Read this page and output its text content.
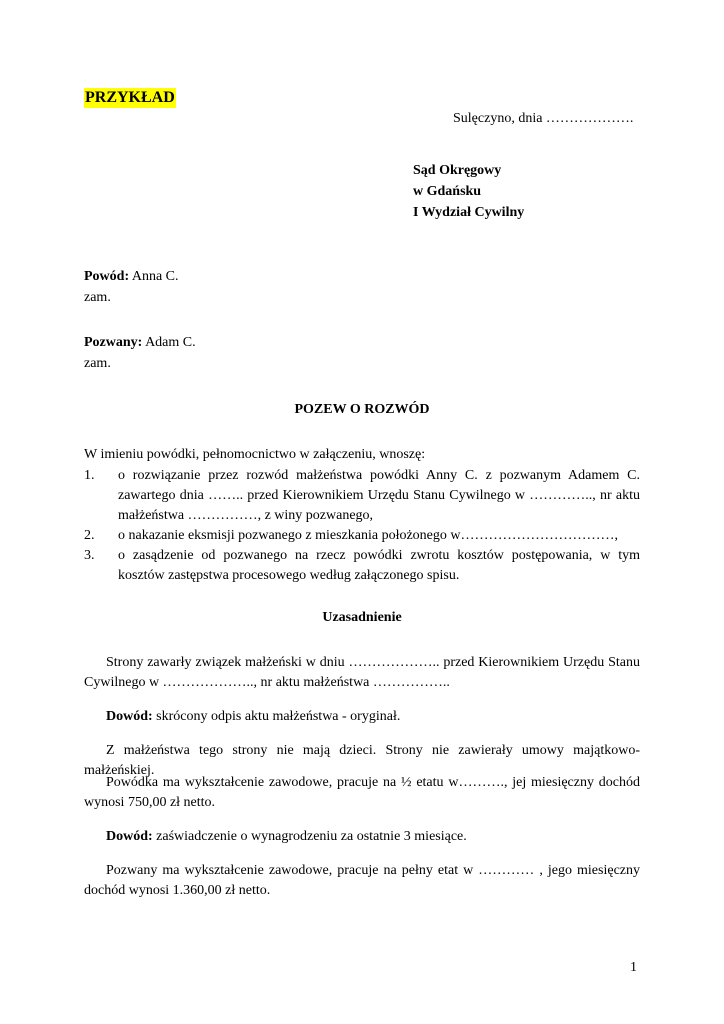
PRZYKŁAD
Sulęczyno, dnia ……………….
Sąd Okręgowy
w Gdańsku
I Wydział Cywilny
Powód: Anna C.
zam.
Pozwany: Adam C.
zam.
POZEW O ROZWÓD
W imieniu powódki, pełnomocnictwo w załączeniu, wnoszę:
1. o rozwiązanie przez rozwód małżeństwa powódki Anny C. z pozwanym Adamem C. zawartego dnia …….. przed Kierownikiem Urzędu Stanu Cywilnego w ………….., nr aktu małżeństwa ……………, z winy pozwanego,
2. o nakazanie eksmisji pozwanego z mieszkania położonego w……………………………,
3. o zasądzenie od pozwanego na rzecz powódki zwrotu kosztów postępowania, w tym kosztów zastępstwa procesowego według załączonego spisu.
Uzasadnienie
Strony zawarły związek małżeński w dniu ……………….. przed Kierownikiem Urzędu Stanu Cywilnego w ……………….., nr aktu małżeństwa ……………..
Dowód: skrócony odpis aktu małżeństwa - oryginał.
Z małżeństwa tego strony nie mają dzieci. Strony nie zawierały umowy majątkowo-małżeńskiej.
Powódka ma wykształcenie zawodowe, pracuje na ½ etatu w………., jej miesięczny dochód wynosi 750,00 zł netto.
Dowód: zaświadczenie o wynagrodzeniu za ostatnie 3 miesiące.
Pozwany ma wykształcenie zawodowe, pracuje na pełny etat w ………… , jego miesięczny dochód wynosi 1.360,00 zł netto.
1
